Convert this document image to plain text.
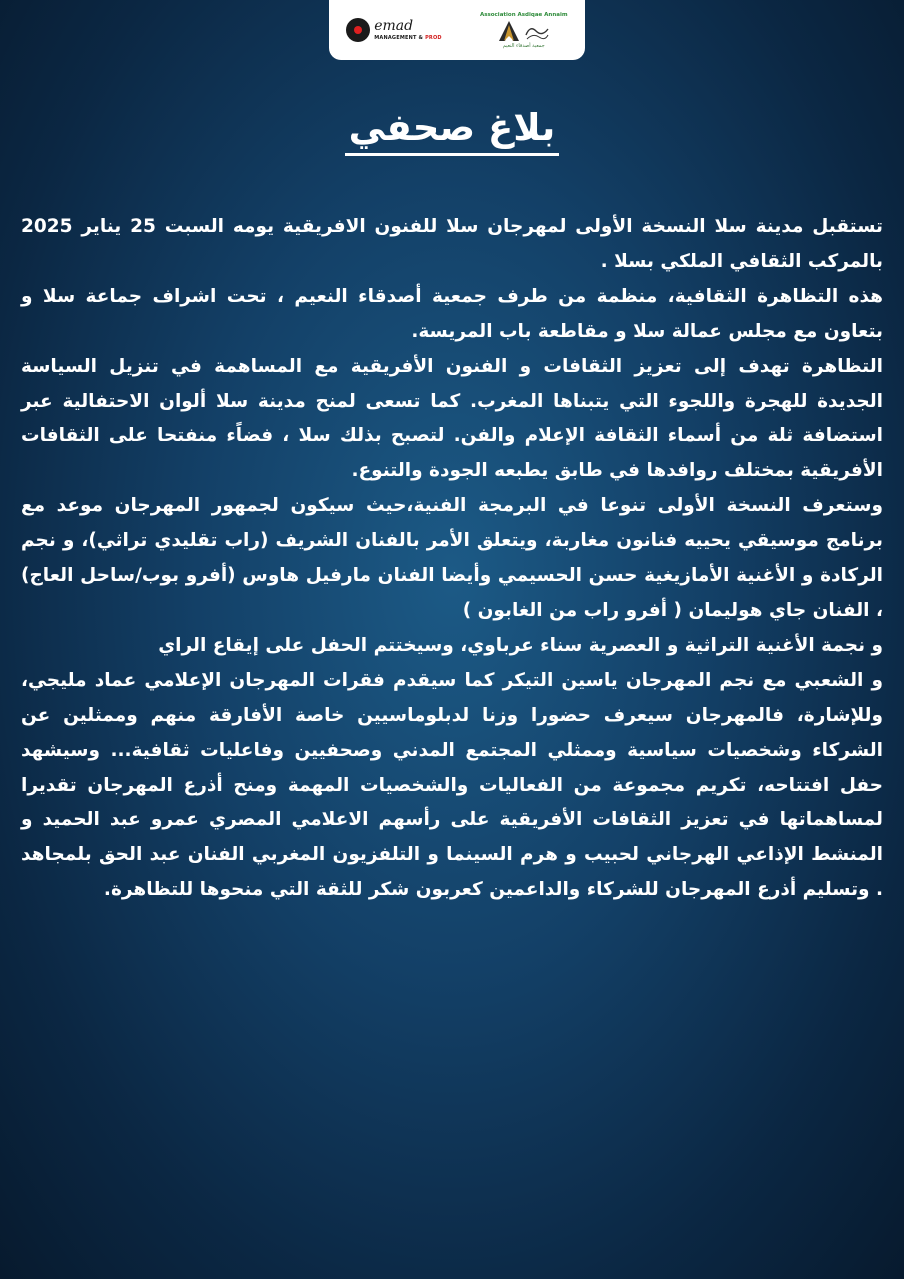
emad
MANAGEMENT & PROD
Association Asdiqae Annaim
جمعية أصدقاء النعيم
بلاغ صحفي

تستقبل مدينة سلا النسخة الأولى لمهرجان سلا للفنون الافريقية يومه السبت 25 يناير 2025 بالمركب الثقافي الملكي بسلا .

هذه التظاهرة الثقافية، منظمة من طرف جمعية أصدقاء النعيم ، تحت اشراف جماعة سلا و بتعاون مع مجلس عمالة سلا و مقاطعة باب المريسة.

التظاهرة تهدف إلى تعزيز الثقافات و الفنون الأفريقية مع المساهمة في تنزيل السياسة الجديدة للهجرة واللجوء التي يتبناها المغرب. كما تسعى لمنح مدينة سلا ألوان الاحتفالية عبر استضافة ثلة من أسماء الثقافة الإعلام والفن. لتصبح بذلك سلا ، فضاًء منفتحا على الثقافات الأفريقية بمختلف روافدها في طابق يطبعه الجودة والتنوع.

وستعرف النسخة الأولى تنوعا في البرمجة الفنية،حيث سيكون لجمهور المهرجان موعد مع برنامج موسيقي يحييه فنانون مغاربة، ويتعلق الأمر بالفنان الشريف (راب تقليدي تراثي)، و نجم الركادة و الأغنية الأمازيغية حسن الحسيمي وأيضا الفنان مارفيل هاوس (أفرو بوب/ساحل العاج) ، الفنان جاي هوليمان ( أفرو راب من الغابون )

و نجمة الأغنية التراثية و العصرية سناء عرباوي، وسيختتم الحفل على إيقاع الراي

و الشعبي مع نجم المهرجان ياسين التيكر كما سيقدم فقرات المهرجان الإعلامي عماد مليجي، وللإشارة، فالمهرجان سيعرف حضورا وزنا لدبلوماسيين خاصة الأفارقة منهم وممثلين عن الشركاء وشخصيات سياسية وممثلي المجتمع المدني وصحفيين وفاعليات ثقافية... وسيشهد حفل افتتاحه، تكريم مجموعة من الفعاليات والشخصيات المهمة ومنح أذرع المهرجان تقديرا لمساهماتها في تعزيز الثقافات الأفريقية على رأسهم الاعلامي المصري عمرو عبد الحميد و المنشط الإذاعي الهرجاني لحبيب و هرم السينما و التلفزيون المغربي الفنان عبد الحق بلمجاهد . وتسليم أذرع المهرجان للشركاء والداعمين كعربون شكر للثقة التي منحوها للتظاهرة.
